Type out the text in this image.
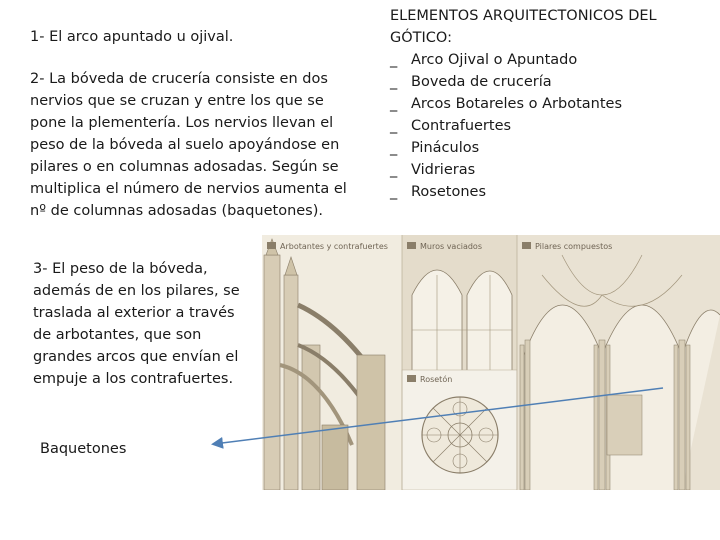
1- El arco apuntado u ojival.
2- La bóveda de crucería consiste en dos nervios que se cruzan y entre los que se pone la plementería. Los nervios llevan el peso de la bóveda al suelo apoyándose en pilares o en columnas adosadas. Según se multiplica el número de nervios aumenta el nº de columnas adosadas (baquetones).
3- El peso de la bóveda, además de en los pilares, se traslada al exterior a través de arbotantes, que son grandes arcos que envían el empuje a los contrafuertes.
Baquetones
ELEMENTOS ARQUITECTONICOS DEL GÓTICO:
_ Arco Ojival o Apuntado
_ Boveda de crucería
_ Arcos Botareles o Arbotantes
_ Contrafuertes
_ Pináculos
_ Vidrieras
_ Rosetones
Arbotantes y contrafuertes	Muros vaciados	Pilares compuestos
Rosetón
